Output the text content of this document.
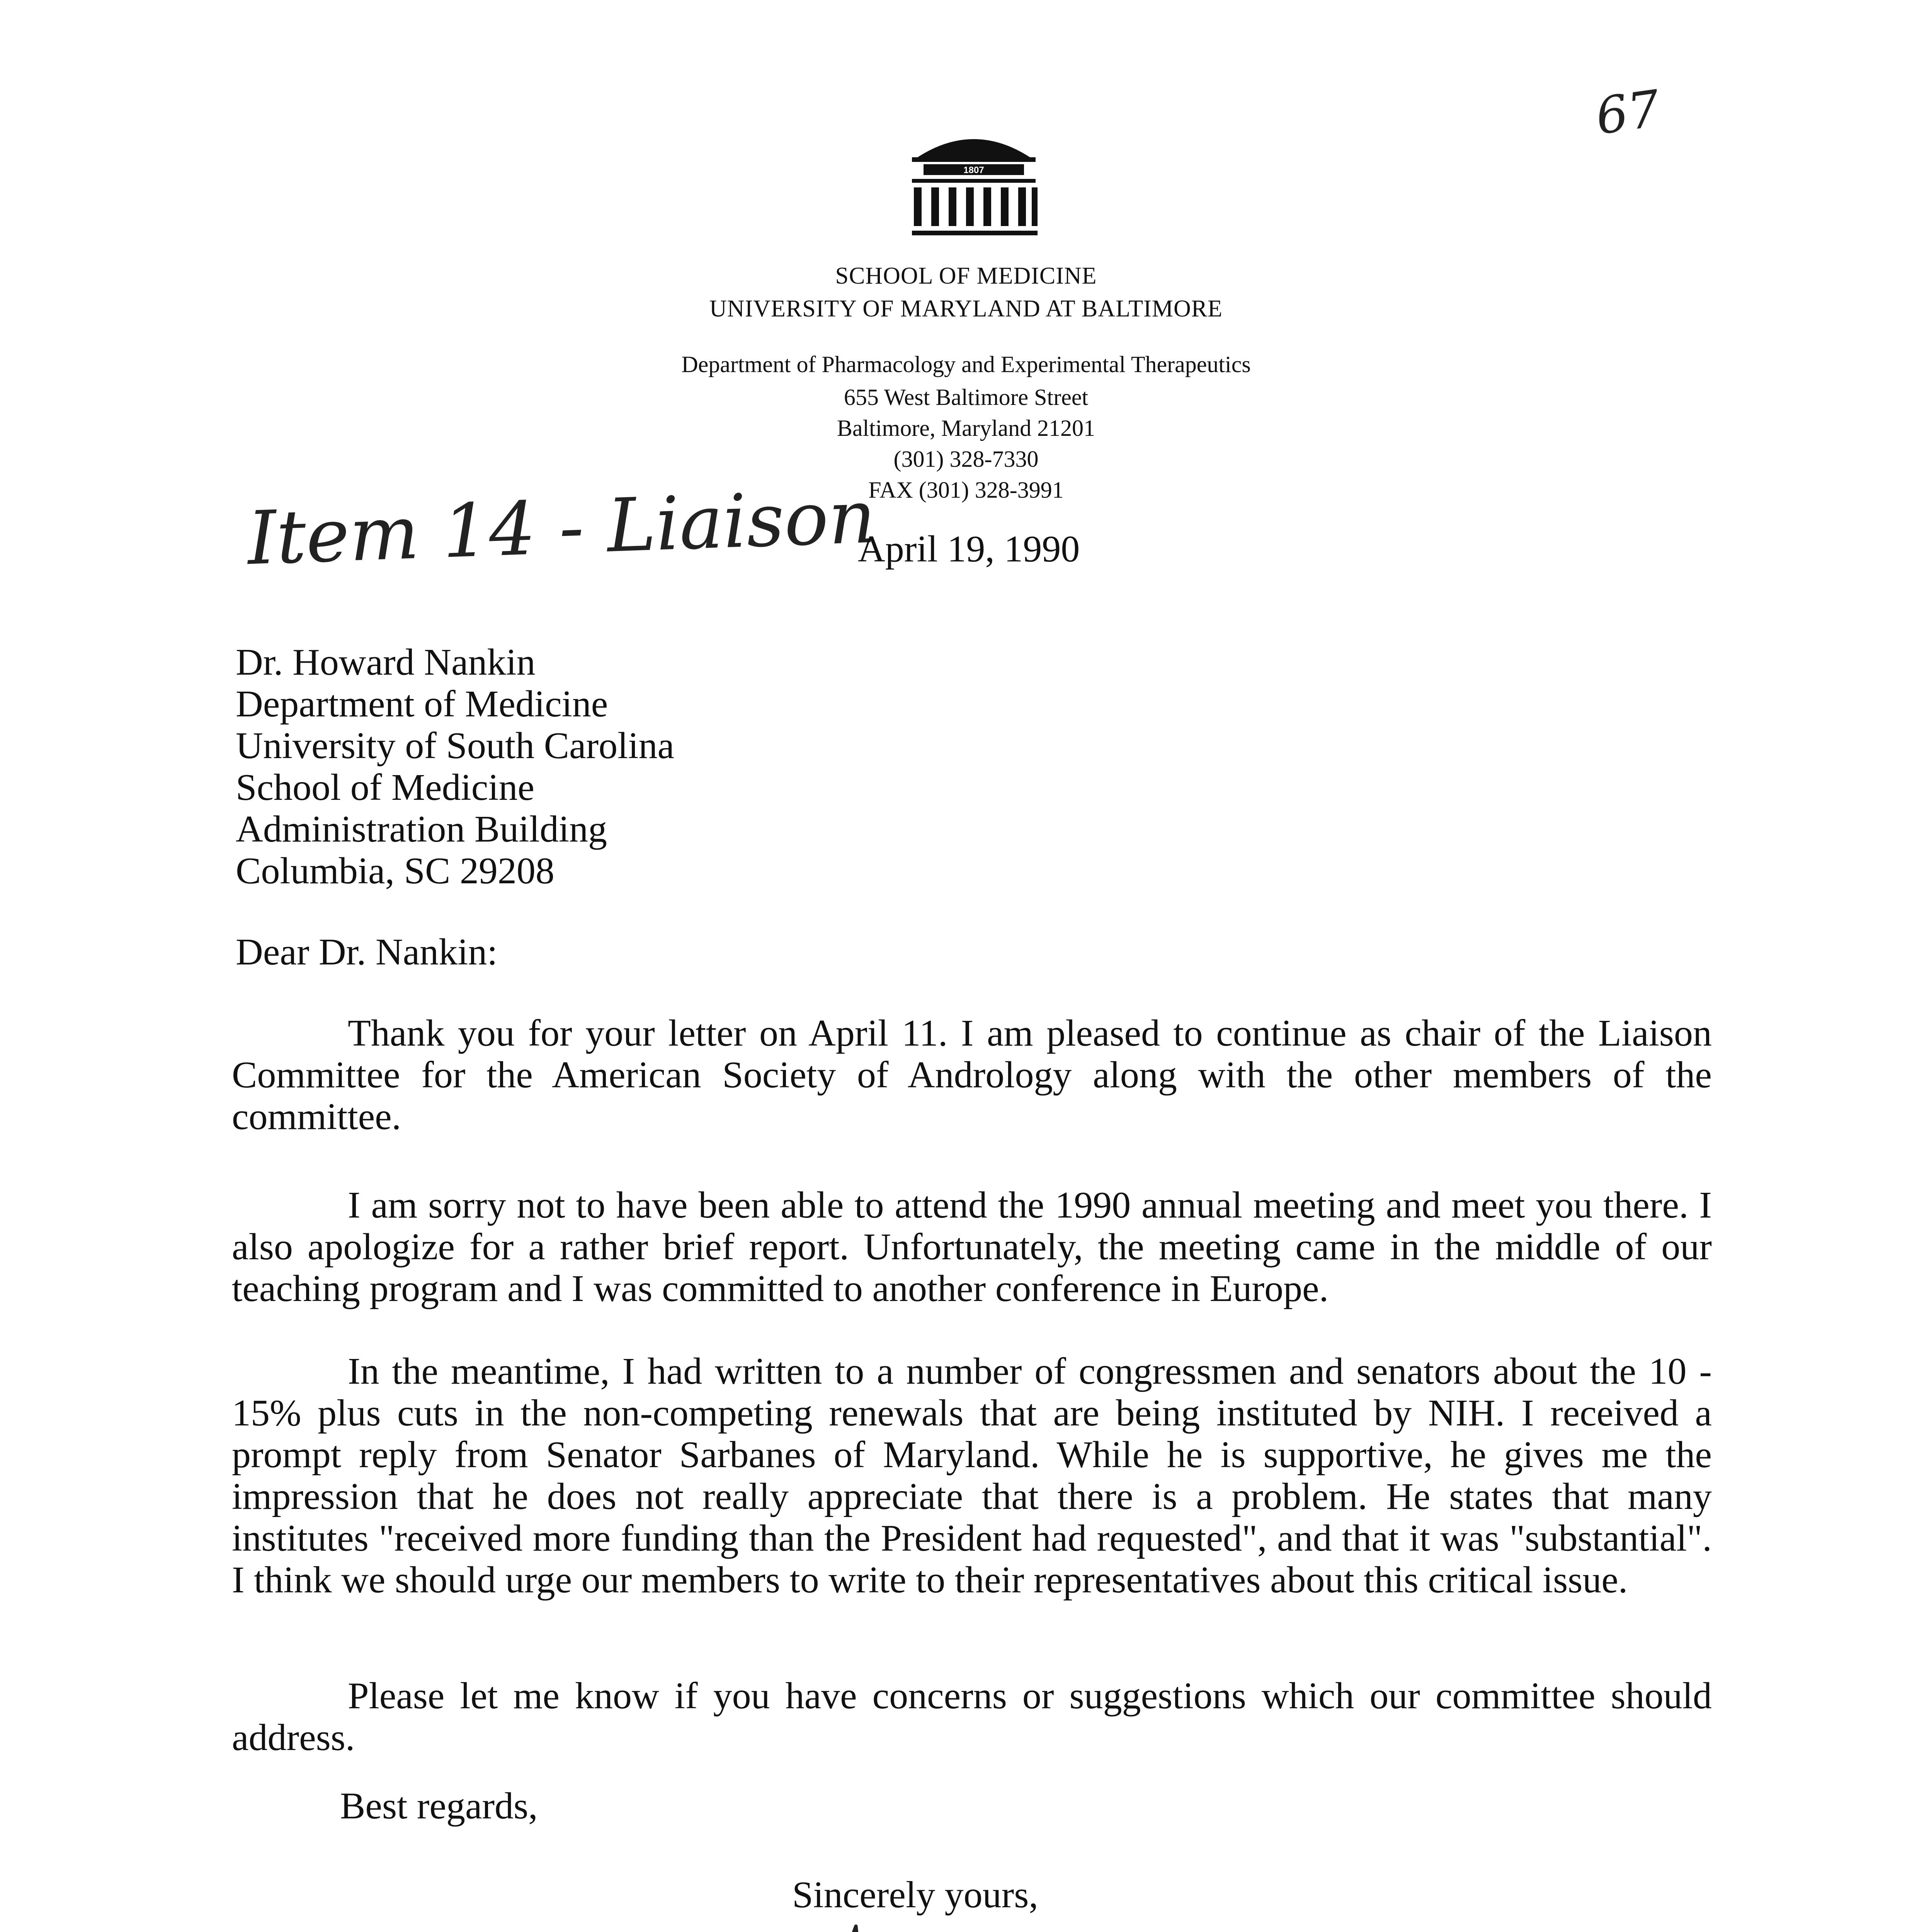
67
1807
SCHOOL OF MEDICINE
UNIVERSITY OF MARYLAND AT BALTIMORE
Department of Pharmacology and Experimental Therapeutics
655 West Baltimore Street
Baltimore, Maryland 21201
(301) 328-7330
FAX (301) 328-3991
Item 14 - Liaison
April 19, 1990
Dr. Howard Nankin
Department of Medicine
University of South Carolina
School of Medicine
Administration Building
Columbia, SC 29208
Dear Dr. Nankin:
Thank you for your letter on April 11. I am pleased to continue as chair of the Liaison Committee for the American Society of Andrology along with the other members of the committee.
I am sorry not to have been able to attend the 1990 annual meeting and meet you there. I also apologize for a rather brief report. Unfortunately, the meeting came in the middle of our teaching program and I was committed to another conference in Europe.
In the meantime, I had written to a number of congressmen and senators about the 10 - 15% plus cuts in the non-competing renewals that are being instituted by NIH. I received a prompt reply from Senator Sarbanes of Maryland. While he is supportive, he gives me the impression that he does not really appreciate that there is a problem. He states that many institutes "received more funding than the President had requested", and that it was "substantial". I think we should urge our members to write to their representatives about this critical issue.
Please let me know if you have concerns or suggestions which our committee should address.
Best regards,
Sincerely yours,
